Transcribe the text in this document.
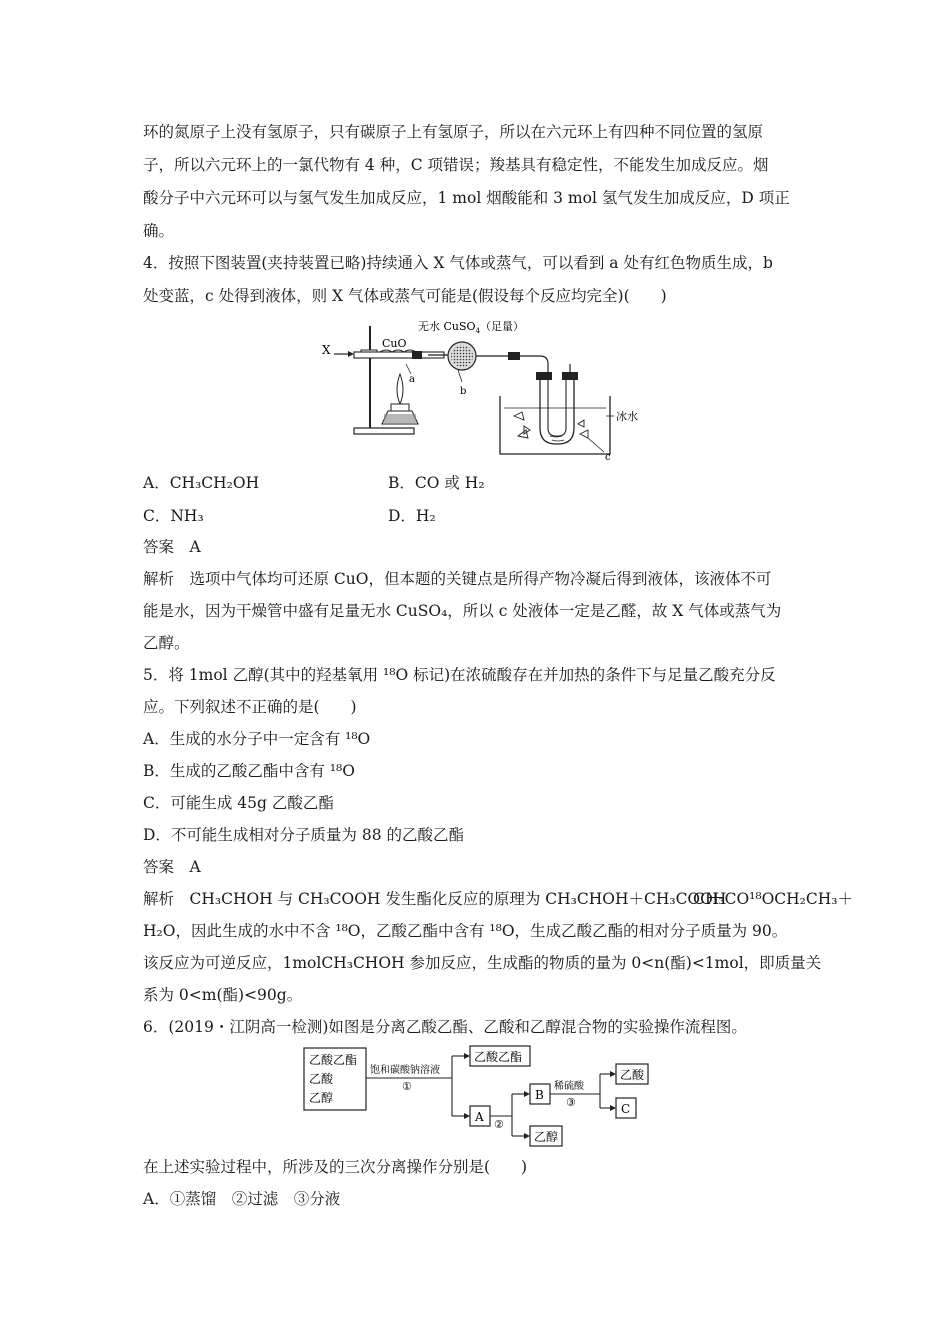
环的氮原子上没有氢原子，只有碳原子上有氢原子，所以在六元环上有四种不同位置的氢原
子，所以六元环上的一氯代物有 4 种，C 项错误；羧基具有稳定性，不能发生加成反应。烟
酸分子中六元环可以与氢气发生加成反应，1 mol 烟酸能和 3 mol 氢气发生加成反应，D 项正
确。
4．按照下图装置(夹持装置已略)持续通入 X 气体或蒸气，可以看到 a 处有红色物质生成，b
处变蓝，c 处得到液体，则 X 气体或蒸气可能是(假设每个反应均完全)(　　)
X	CuO
a
b
无水 CuSO$_4$（足量）
冰水
c
A．CH₃CH₂OH	B．CO 或 H₂
C．NH₃	D．H₂
答案　A
解析　选项中气体均可还原 CuO，但本题的关键点是所得产物冷凝后得到液体，该液体不可
能是水，因为干燥管中盛有足量无水 CuSO₄，所以 c 处液体一定是乙醛，故 X 气体或蒸气为
乙醇。
5．将 1mol 乙醇(其中的羟基氧用 ¹⁸O 标记)在浓硫酸存在并加热的条件下与足量乙酸充分反
应。下列叙述不正确的是(　　)
A．生成的水分子中一定含有 ¹⁸O
B．生成的乙酸乙酯中含有 ¹⁸O
C．可能生成 45g 乙酸乙酯
D．不可能生成相对分子质量为 88 的乙酸乙酯
答案　A
解析　CH₃CHOH 与 CH₃COOH 发生酯化反应的原理为 CH₃CHOH＋CH₃COOH
CH₃CO¹⁸OCH₂CH₃＋
H₂O，因此生成的水中不含 ¹⁸O，乙酸乙酯中含有 ¹⁸O，生成乙酸乙酯的相对分子质量为 90。
该反应为可逆反应，1molCH₃CHOH 参加反应，生成酯的物质的量为 0<n(酯)<1mol，即质量关
系为 0<m(酯)<90g。
6．(2019・江阴高一检测)如图是分离乙酸乙酯、乙酸和乙醇混合物的实验操作流程图。
乙酸乙酯
乙酸
乙醇
饱和碳酸钠溶液
①
乙酸乙酯
A
②
B
乙醇
稀硫酸
③
乙酸
C
在上述实验过程中，所涉及的三次分离操作分别是(　　)
A．①蒸馏　②过滤　③分液
